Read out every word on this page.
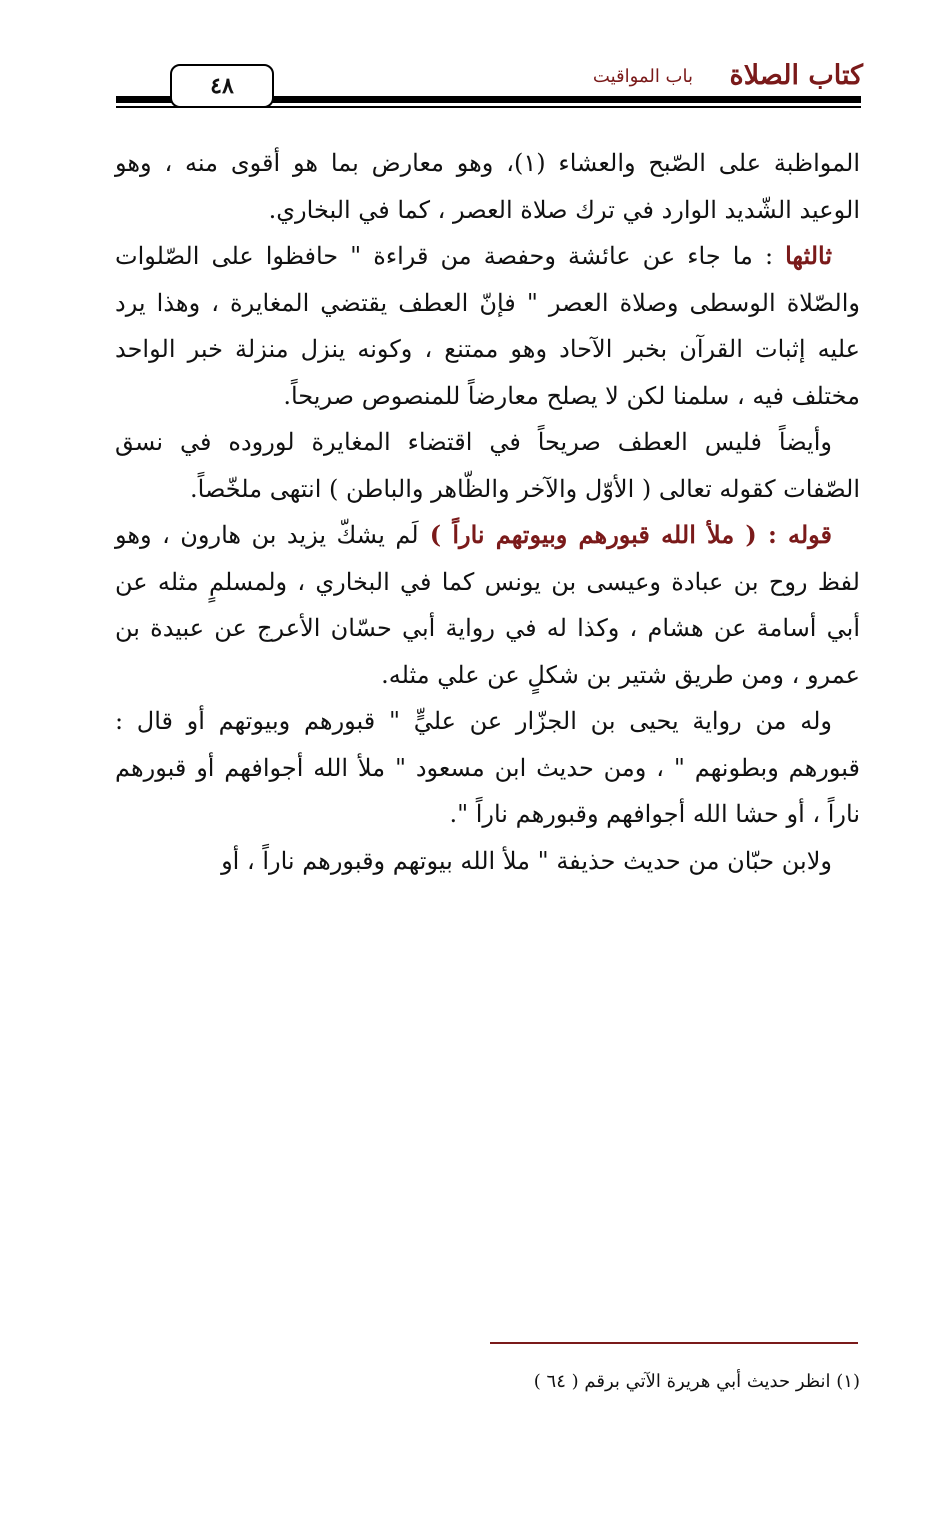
كتاب الصلاة
باب المواقيت
٤٨

المواظبة على الصّبح والعشاء (١)، وهو معارض بما هو أقوى منه ، وهو الوعيد الشّديد الوارد في ترك صلاة العصر ، كما في البخاري.

ثالثها : ما جاء عن عائشة وحفصة من قراءة " حافظوا على الصّلوات والصّلاة الوسطى وصلاة العصر " فإنّ العطف يقتضي المغايرة ، وهذا يرد عليه إثبات القرآن بخبر الآحاد وهو ممتنع ، وكونه ينزل منزلة خبر الواحد مختلف فيه ، سلمنا لكن لا يصلح معارضاً للمنصوص صريحاً.

وأيضاً فليس العطف صريحاً في اقتضاء المغايرة لوروده في نسق الصّفات كقوله تعالى ( الأوّل والآخر والظّاهر والباطن ) انتهى ملخّصاً.

قوله : ( ملأ الله قبورهم وبيوتهم ناراً ) لَم يشكّ يزيد بن هارون ، وهو لفظ روح بن عبادة وعيسى بن يونس كما في البخاري ، ولمسلمٍ مثله عن أبي أسامة عن هشام ، وكذا له في رواية أبي حسّان الأعرج عن عبيدة بن عمرو ، ومن طريق شتير بن شكلٍ عن علي مثله.

وله من رواية يحيى بن الجزّار عن عليٍّ " قبورهم وبيوتهم أو قال : قبورهم وبطونهم " ، ومن حديث ابن مسعود " ملأ الله أجوافهم أو قبورهم ناراً ، أو حشا الله أجوافهم وقبورهم ناراً ".

ولابن حبّان من حديث حذيفة " ملأ الله بيوتهم وقبورهم ناراً ، أو

(١) انظر حديث أبي هريرة الآتي برقم ( ٦٤ )
